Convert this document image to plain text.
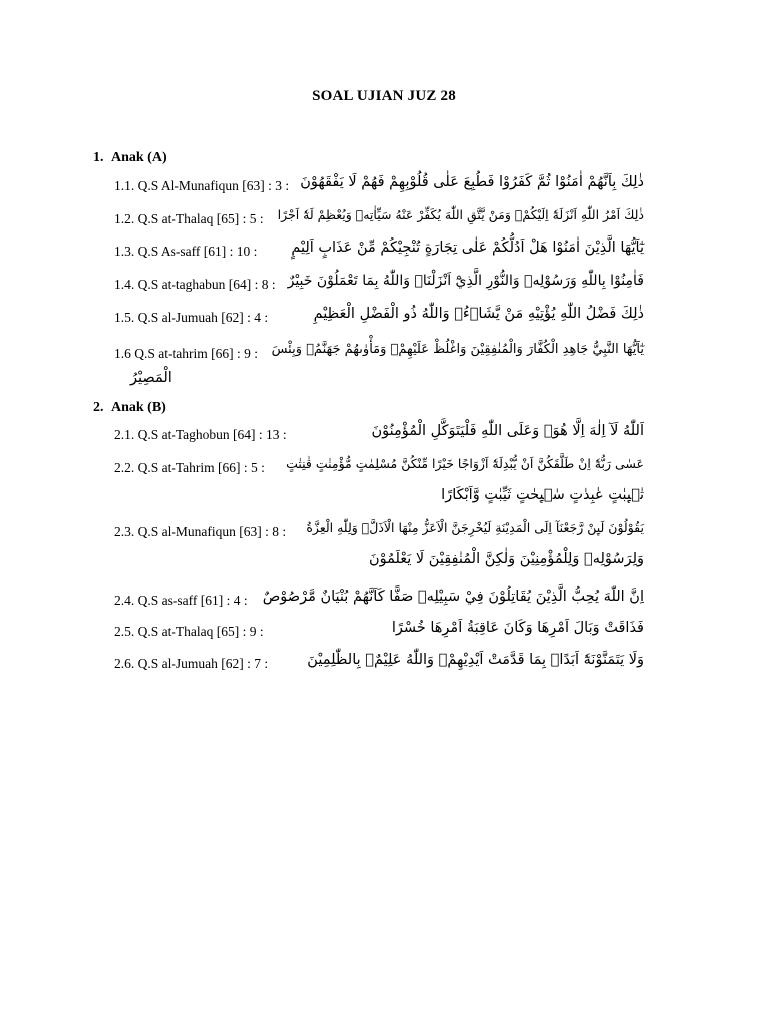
SOAL UJIAN JUZ 28
1. Anak (A)
1.1. Q.S Al-Munafiqun [63] : 3 : ذٰلِكَ بِاَنَّهُمْ اٰمَنُوْا ثُمَّ كَفَرُوْا فَطُبِعَ عَلٰى قُلُوْبِهِمْ فَهُمْ لَا يَفْقَهُوْنَ
1.2. Q.S at-Thalaq [65] : 5 : ذٰلِكَ اَمْرُ اللّٰهِ اَنْزَلَهٗٓ اِلَيْكُمْۗ وَمَنْ يَّتَّقِ اللّٰهَ يُكَفِّرْ عَنْهُ سَيِّاٰتِهٖ وَيُعْظِمْ لَهٗٓ اَجْرًا
1.3. Q.S As-saff [61] : 10 : يٰٓاَيُّهَا الَّذِيْنَ اٰمَنُوْا هَلْ اَدُلُّكُمْ عَلٰى تِجَارَةٍ تُنْجِيْكُمْ مِّنْ عَذَابٍ اَلِيْمٍ
1.4. Q.S at-taghabun [64] : 8 : فَاٰمِنُوْا بِاللّٰهِ وَرَسُوْلِهٖ وَالنُّوْرِ الَّذِيْٓ اَنْزَلْنَاۗ وَاللّٰهُ بِمَا تَعْمَلُوْنَ خَبِيْرٌ
1.5. Q.S al-Jumuah [62] : 4 :	ذٰلِكَ فَضْلُ اللّٰهِ يُؤْتِيْهِ مَنْ يَّشَاۤءُۗ وَاللّٰهُ ذُو الْفَضْلِ الْعَظِيْمِ
1.6 Q.S at-tahrim [66] : 9 : يٰٓاَيُّهَا النَّبِيُّ جَاهِدِ الْكُفَّارَ وَالْمُنٰفِقِيْنَ وَاغْلُظْ عَلَيْهِمْۗ وَمَأْوٰىهُمْ جَهَنَّمُۗ وَبِئْسَ
الْمَصِيْرُ
2. Anak (B)
2.1. Q.S at-Taghobun [64] : 13 :	اَللّٰهُ لَآ اِلٰهَ اِلَّا هُوَۗ وَعَلَى اللّٰهِ فَلْيَتَوَكَّلِ الْمُؤْمِنُوْنَ
2.2. Q.S at-Tahrim [66] : 5 : عَسٰى رَبُّهٗٓ اِنْ طَلَّقَكُنَّ اَنْ يُّبْدِلَهٗٓ اَزْوَاجًا خَيْرًا مِّنْكُنَّ مُسْلِمٰتٍ مُّؤْمِنٰتٍ قٰنِتٰتٍ
تٰۤىِٕبٰتٍ عٰبِدٰتٍ سٰۤىِٕحٰتٍ ثَيِّبٰتٍ وَّاَبْكَارًا
2.3. Q.S al-Munafiqun [63] : 8 : يَقُوْلُوْنَ لَىِٕنْ رَّجَعْنَآ اِلَى الْمَدِيْنَةِ لَيُخْرِجَنَّ الْاَعَزُّ مِنْهَا الْاَذَلَّۗ وَلِلّٰهِ الْعِزَّةُ
وَلِرَسُوْلِهٖ وَلِلْمُؤْمِنِيْنَ وَلٰكِنَّ الْمُنٰفِقِيْنَ لَا يَعْلَمُوْنَ
2.4. Q.S as-saff [61] : 4 : اِنَّ اللّٰهَ يُحِبُّ الَّذِيْنَ يُقَاتِلُوْنَ فِيْ سَبِيْلِهٖ صَفًّا كَاَنَّهُمْ بُنْيَانٌ مَّرْصُوْصٌ
2.5. Q.S at-Thalaq [65] : 9 :	فَذَاقَتْ وَبَالَ اَمْرِهَا وَكَانَ عَاقِبَةُ اَمْرِهَا خُسْرًا
2.6. Q.S al-Jumuah [62] : 7 :	وَلَا يَتَمَنَّوْنَهٗٓ اَبَدًاۢ بِمَا قَدَّمَتْ اَيْدِيْهِمْۗ وَاللّٰهُ عَلِيْمٌۢ بِالظّٰلِمِيْنَ
